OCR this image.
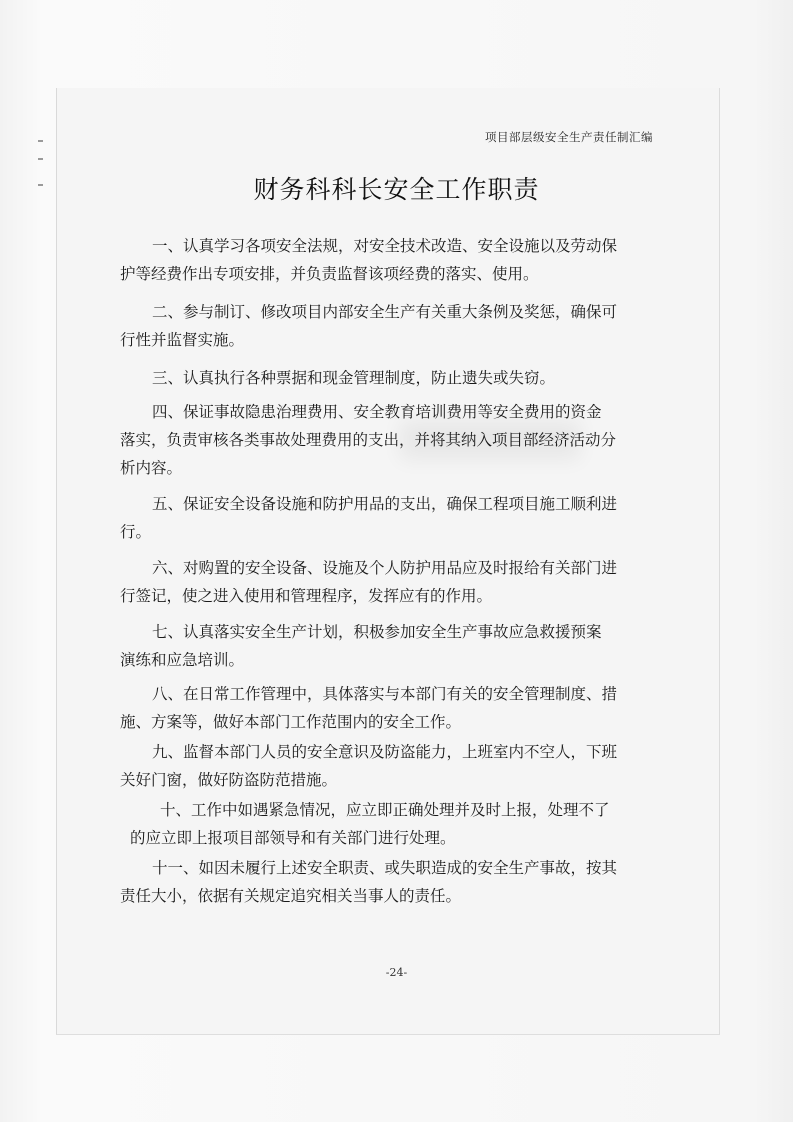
项目部层级安全生产责任制汇编
财务科科长安全工作职责
一、认真学习各项安全法规，对安全技术改造、安全设施以及劳动保
护等经费作出专项安排，并负责监督该项经费的落实、使用。
二、参与制订、修改项目内部安全生产有关重大条例及奖惩，确保可
行性并监督实施。
三、认真执行各种票据和现金管理制度，防止遗失或失窃。
四、保证事故隐患治理费用、安全教育培训费用等安全费用的资金
落实，负责审核各类事故处理费用的支出，并将其纳入项目部经济活动分
析内容。
五、保证安全设备设施和防护用品的支出，确保工程项目施工顺利进
行。
六、对购置的安全设备、设施及个人防护用品应及时报给有关部门进
行签记，使之进入使用和管理程序，发挥应有的作用。
七、认真落实安全生产计划，积极参加安全生产事故应急救援预案
演练和应急培训。
八、在日常工作管理中，具体落实与本部门有关的安全管理制度、措
施、方案等，做好本部门工作范围内的安全工作。
九、监督本部门人员的安全意识及防盗能力，上班室内不空人，下班
关好门窗，做好防盗防范措施。
十、工作中如遇紧急情况，应立即正确处理并及时上报，处理不了
的应立即上报项目部领导和有关部门进行处理。
十一、如因未履行上述安全职责、或失职造成的安全生产事故，按其
责任大小，依据有关规定追究相关当事人的责任。
-24-
